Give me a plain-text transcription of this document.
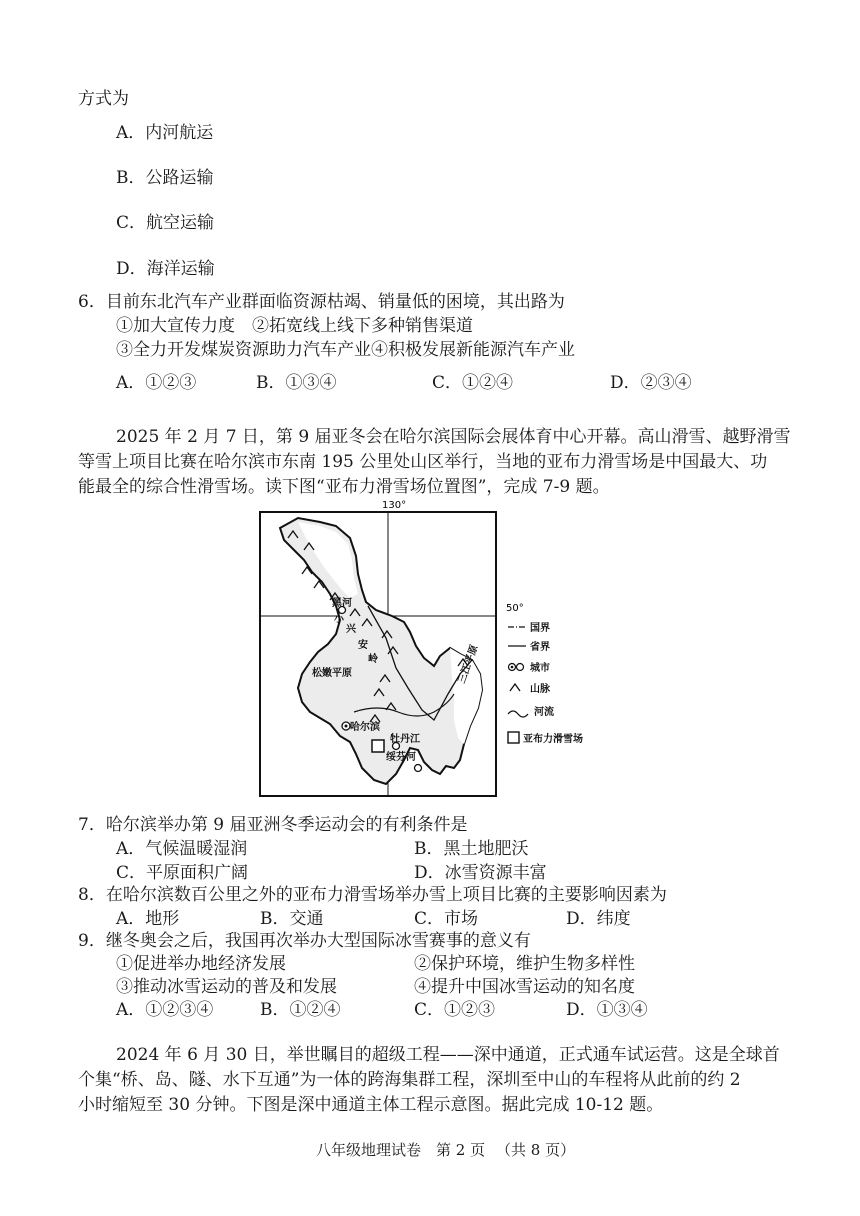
方式为
A．内河航运
B．公路运输
C．航空运输
D．海洋运输
6．目前东北汽车产业群面临资源枯竭、销量低的困境，其出路为
①加大宣传力度　②拓宽线上线下多种销售渠道
③全力开发煤炭资源助力汽车产业④积极发展新能源汽车产业
A．①②③	B．①③④	C．①②④	D．②③④
2025 年 2 月 7 日，第 9 届亚冬会在哈尔滨国际会展体育中心开幕。高山滑雪、越野滑雪
等雪上项目比赛在哈尔滨市东南 195 公里处山区举行，当地的亚布力滑雪场是中国最大、功
能最全的综合性滑雪场。读下图“亚布力滑雪场位置图”，完成 7-9 题。
130°
50°
黑河
小
兴
安
岭
松嫩平原
哈尔滨
牡丹江
绥芬河
三江平原
国界
省界
城市
山脉
河流
亚布力滑雪场
7．哈尔滨举办第 9 届亚洲冬季运动会的有利条件是
A．气候温暖湿润	B．黑土地肥沃
C．平原面积广阔	D．冰雪资源丰富
8．在哈尔滨数百公里之外的亚布力滑雪场举办雪上项目比赛的主要影响因素为
A．地形	B．交通	C．市场	D．纬度
9．继冬奥会之后，我国再次举办大型国际冰雪赛事的意义有
①促进举办地经济发展	②保护环境，维护生物多样性
③推动冰雪运动的普及和发展	④提升中国冰雪运动的知名度
A．①②③④	B．①②④	C．①②③	D．①③④
2024 年 6 月 30 日，举世瞩目的超级工程——深中通道，正式通车试运营。这是全球首
个集“桥、岛、隧、水下互通”为一体的跨海集群工程，深圳至中山的车程将从此前的约 2
小时缩短至 30 分钟。下图是深中通道主体工程示意图。据此完成 10-12 题。
八年级地理试卷 第 2 页 （共 8 页）
